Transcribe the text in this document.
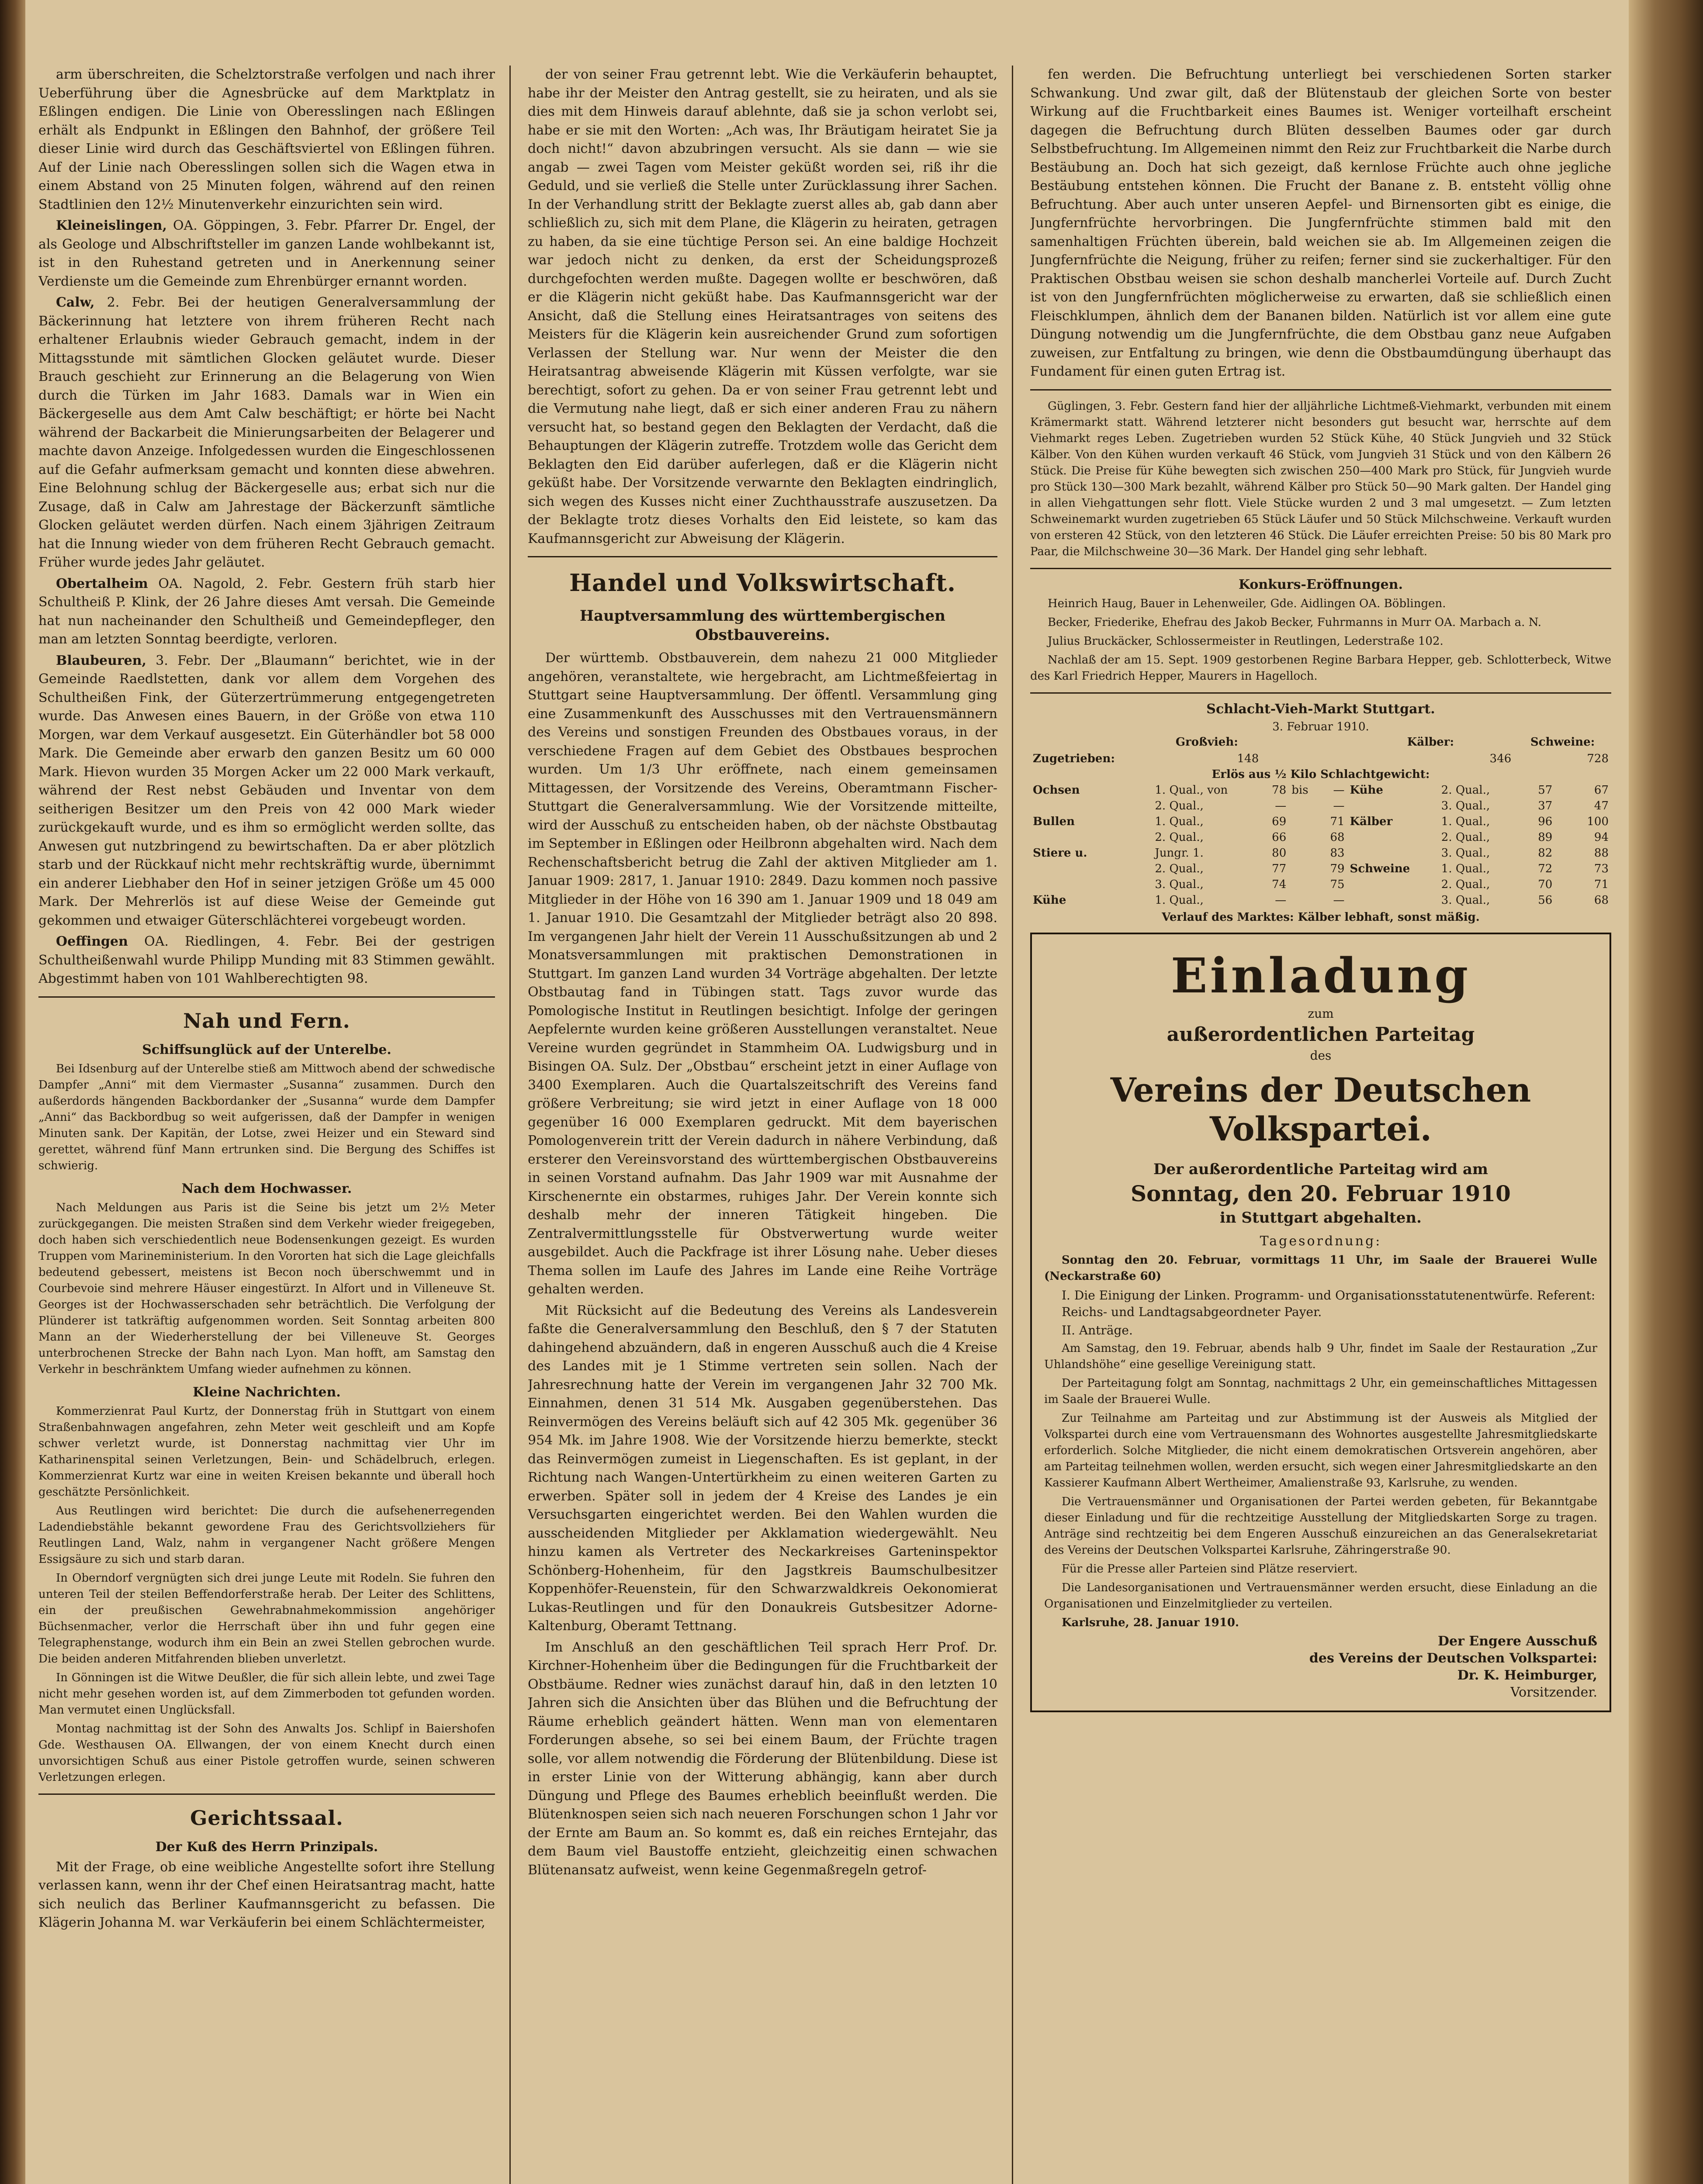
arm überschreiten, die Schelztorstraße verfolgen und nach ihrer Ueberführung über die Agnesbrücke auf dem Marktplatz in Eßlingen endigen. Die Linie von Oberesslingen nach Eßlingen erhält als Endpunkt in Eßlingen den Bahnhof, der größere Teil dieser Linie wird durch das Geschäftsviertel von Eßlingen führen. Auf der Linie nach Oberesslingen sollen sich die Wagen etwa in einem Abstand von 25 Minuten folgen, während auf den reinen Stadtlinien den 12½ Minutenverkehr einzurichten sein wird.

Kleineislingen, OA. Göppingen, 3. Febr. Pfarrer Dr. Engel, der als Geologe und Albschriftsteller im ganzen Lande wohlbekannt ist, ist in den Ruhestand getreten und in Anerkennung seiner Verdienste um die Gemeinde zum Ehrenbürger ernannt worden.

Calw, 2. Febr. Bei der heutigen Generalversammlung der Bäckerinnung hat letztere von ihrem früheren Recht nach erhaltener Erlaubnis wieder Gebrauch gemacht, indem in der Mittagsstunde mit sämtlichen Glocken geläutet wurde. Dieser Brauch geschieht zur Erinnerung an die Belagerung von Wien durch die Türken im Jahr 1683. Damals war in Wien ein Bäckergeselle aus dem Amt Calw beschäftigt; er hörte bei Nacht während der Backarbeit die Minierungsarbeiten der Belagerer und machte davon Anzeige. Infolgedessen wurden die Eingeschlossenen auf die Gefahr aufmerksam gemacht und konnten diese abwehren. Eine Belohnung schlug der Bäckergeselle aus; erbat sich nur die Zusage, daß in Calw am Jahrestage der Bäckerzunft sämtliche Glocken geläutet werden dürfen. Nach einem 3jährigen Zeitraum hat die Innung wieder von dem früheren Recht Gebrauch gemacht. Früher wurde jedes Jahr geläutet.

Obertalheim OA. Nagold, 2. Febr. Gestern früh starb hier Schultheiß P. Klink, der 26 Jahre dieses Amt versah. Die Gemeinde hat nun nacheinander den Schultheiß und Gemeindepfleger, den man am letzten Sonntag beerdigte, verloren.

Blaubeuren, 3. Febr. Der „Blaumann“ berichtet, wie in der Gemeinde Raedlstetten, dank vor allem dem Vorgehen des Schultheißen Fink, der Güterzertrümmerung entgegengetreten wurde. Das Anwesen eines Bauern, in der Größe von etwa 110 Morgen, war dem Verkauf ausgesetzt. Ein Güterhändler bot 58 000 Mark. Die Gemeinde aber erwarb den ganzen Besitz um 60 000 Mark. Hievon wurden 35 Morgen Acker um 22 000 Mark verkauft, während der Rest nebst Gebäuden und Inventar von dem seitherigen Besitzer um den Preis von 42 000 Mark wieder zurückgekauft wurde, und es ihm so ermöglicht werden sollte, das Anwesen gut nutzbringend zu bewirtschaften. Da er aber plötzlich starb und der Rückkauf nicht mehr rechtskräftig wurde, übernimmt ein anderer Liebhaber den Hof in seiner jetzigen Größe um 45 000 Mark. Der Mehrerlös ist auf diese Weise der Gemeinde gut gekommen und etwaiger Güterschlächterei vorgebeugt worden.

Oeffingen OA. Riedlingen, 4. Febr. Bei der gestrigen Schultheißenwahl wurde Philipp Munding mit 83 Stimmen gewählt. Abgestimmt haben von 101 Wahlberechtigten 98.

Nah und Fern.
Schiffsunglück auf der Unterelbe.

Bei Idsenburg auf der Unterelbe stieß am Mittwoch abend der schwedische Dampfer „Anni“ mit dem Viermaster „Susanna“ zusammen. Durch den außerdords hängenden Backbordanker der „Susanna“ wurde dem Dampfer „Anni“ das Backbordbug so weit aufgerissen, daß der Dampfer in wenigen Minuten sank. Der Kapitän, der Lotse, zwei Heizer und ein Steward sind gerettet, während fünf Mann ertrunken sind. Die Bergung des Schiffes ist schwierig.

Nach dem Hochwasser.

Nach Meldungen aus Paris ist die Seine bis jetzt um 2½ Meter zurückgegangen. Die meisten Straßen sind dem Verkehr wieder freigegeben, doch haben sich verschiedentlich neue Bodensenkungen gezeigt. Es wurden Truppen vom Marineministerium. In den Vororten hat sich die Lage gleichfalls bedeutend gebessert, meistens ist Becon noch überschwemmt und in Courbevoie sind mehrere Häuser eingestürzt. In Alfort und in Villeneuve St. Georges ist der Hochwasserschaden sehr beträchtlich. Die Verfolgung der Plünderer ist tatkräftig aufgenommen worden. Seit Sonntag arbeiten 800 Mann an der Wiederherstellung der bei Villeneuve St. Georges unterbrochenen Strecke der Bahn nach Lyon. Man hofft, am Samstag den Verkehr in beschränktem Umfang wieder aufnehmen zu können.

Kleine Nachrichten.

Kommerzienrat Paul Kurtz, der Donnerstag früh in Stuttgart von einem Straßenbahnwagen angefahren, zehn Meter weit geschleift und am Kopfe schwer verletzt wurde, ist Donnerstag nachmittag vier Uhr im Katharinenspital seinen Verletzungen, Bein- und Schädelbruch, erlegen. Kommerzienrat Kurtz war eine in weiten Kreisen bekannte und überall hoch geschätzte Persönlichkeit.

Aus Reutlingen wird berichtet: Die durch die aufsehenerregenden Ladendiebstähle bekannt gewordene Frau des Gerichtsvollziehers für Reutlingen Land, Walz, nahm in vergangener Nacht größere Mengen Essigsäure zu sich und starb daran.

In Oberndorf vergnügten sich drei junge Leute mit Rodeln. Sie fuhren den unteren Teil der steilen Beffendorferstraße herab. Der Leiter des Schlittens, ein der preußischen Gewehrabnahmekommission angehöriger Büchsenmacher, verlor die Herrschaft über ihn und fuhr gegen eine Telegraphenstange, wodurch ihm ein Bein an zwei Stellen gebrochen wurde. Die beiden anderen Mitfahrenden blieben unverletzt.

In Gönningen ist die Witwe Deußler, die für sich allein lebte, und zwei Tage nicht mehr gesehen worden ist, auf dem Zimmerboden tot gefunden worden. Man vermutet einen Unglücksfall.

Montag nachmittag ist der Sohn des Anwalts Jos. Schlipf in Baiershofen Gde. Westhausen OA. Ellwangen, der von einem Knecht durch einen unvorsichtigen Schuß aus einer Pistole getroffen wurde, seinen schweren Verletzungen erlegen.

Gerichtssaal.
Der Kuß des Herrn Prinzipals.

Mit der Frage, ob eine weibliche Angestellte sofort ihre Stellung verlassen kann, wenn ihr der Chef einen Heiratsantrag macht, hatte sich neulich das Berliner Kaufmannsgericht zu befassen. Die Klägerin Johanna M. war Verkäuferin bei einem Schlächtermeister,

der von seiner Frau getrennt lebt. Wie die Verkäuferin behauptet, habe ihr der Meister den Antrag gestellt, sie zu heiraten, und als sie dies mit dem Hinweis darauf ablehnte, daß sie ja schon verlobt sei, habe er sie mit den Worten: „Ach was, Ihr Bräutigam heiratet Sie ja doch nicht!“ davon abzubringen versucht. Als sie dann — wie sie angab — zwei Tagen vom Meister geküßt worden sei, riß ihr die Geduld, und sie verließ die Stelle unter Zurücklassung ihrer Sachen. In der Verhandlung stritt der Beklagte zuerst alles ab, gab dann aber schließlich zu, sich mit dem Plane, die Klägerin zu heiraten, getragen zu haben, da sie eine tüchtige Person sei. An eine baldige Hochzeit war jedoch nicht zu denken, da erst der Scheidungsprozeß durchgefochten werden mußte. Dagegen wollte er beschwören, daß er die Klägerin nicht geküßt habe. Das Kaufmannsgericht war der Ansicht, daß die Stellung eines Heiratsantrages von seitens des Meisters für die Klägerin kein ausreichender Grund zum sofortigen Verlassen der Stellung war. Nur wenn der Meister die den Heiratsantrag abweisende Klägerin mit Küssen verfolgte, war sie berechtigt, sofort zu gehen. Da er von seiner Frau getrennt lebt und die Vermutung nahe liegt, daß er sich einer anderen Frau zu nähern versucht hat, so bestand gegen den Beklagten der Verdacht, daß die Behauptungen der Klägerin zutreffe. Trotzdem wolle das Gericht dem Beklagten den Eid darüber auferlegen, daß er die Klägerin nicht geküßt habe. Der Vorsitzende verwarnte den Beklagten eindringlich, sich wegen des Kusses nicht einer Zuchthausstrafe auszusetzen. Da der Beklagte trotz dieses Vorhalts den Eid leistete, so kam das Kaufmannsgericht zur Abweisung der Klägerin.

Handel und Volkswirtschaft.
Hauptversammlung des württembergischen Obstbauvereins.

Der württemb. Obstbauverein, dem nahezu 21 000 Mitglieder angehören, veranstaltete, wie hergebracht, am Lichtmeßfeiertag in Stuttgart seine Hauptversammlung. Der öffentl. Versammlung ging eine Zusammenkunft des Ausschusses mit den Vertrauensmännern des Vereins und sonstigen Freunden des Obstbaues voraus, in der verschiedene Fragen auf dem Gebiet des Obstbaues besprochen wurden. Um 1/3 Uhr eröffnete, nach einem gemeinsamen Mittagessen, der Vorsitzende des Vereins, Oberamtmann Fischer-Stuttgart die Generalversammlung. Wie der Vorsitzende mitteilte, wird der Ausschuß zu entscheiden haben, ob der nächste Obstbautag im September in Eßlingen oder Heilbronn abgehalten wird. Nach dem Rechenschaftsbericht betrug die Zahl der aktiven Mitglieder am 1. Januar 1909: 2817, 1. Januar 1910: 2849. Dazu kommen noch passive Mitglieder in der Höhe von 16 390 am 1. Januar 1909 und 18 049 am 1. Januar 1910. Die Gesamtzahl der Mitglieder beträgt also 20 898. Im vergangenen Jahr hielt der Verein 11 Ausschußsitzungen ab und 2 Monatsversammlungen mit praktischen Demonstrationen in Stuttgart. Im ganzen Land wurden 34 Vorträge abgehalten. Der letzte Obstbautag fand in Tübingen statt. Tags zuvor wurde das Pomologische Institut in Reutlingen besichtigt. Infolge der geringen Aepfelernte wurden keine größeren Ausstellungen veranstaltet. Neue Vereine wurden gegründet in Stammheim OA. Ludwigsburg und in Bisingen OA. Sulz. Der „Obstbau“ erscheint jetzt in einer Auflage von 3400 Exemplaren. Auch die Quartalszeitschrift des Vereins fand größere Verbreitung; sie wird jetzt in einer Auflage von 18 000 gegenüber 16 000 Exemplaren gedruckt. Mit dem bayerischen Pomologenverein tritt der Verein dadurch in nähere Verbindung, daß ersterer den Vereinsvorstand des württembergischen Obstbauvereins in seinen Vorstand aufnahm. Das Jahr 1909 war mit Ausnahme der Kirschenernte ein obstarmes, ruhiges Jahr. Der Verein konnte sich deshalb mehr der inneren Tätigkeit hingeben. Die Zentralvermittlungsstelle für Obstverwertung wurde weiter ausgebildet. Auch die Packfrage ist ihrer Lösung nahe. Ueber dieses Thema sollen im Laufe des Jahres im Lande eine Reihe Vorträge gehalten werden.

Mit Rücksicht auf die Bedeutung des Vereins als Landesverein faßte die Generalversammlung den Beschluß, den § 7 der Statuten dahingehend abzuändern, daß in engeren Ausschuß auch die 4 Kreise des Landes mit je 1 Stimme vertreten sein sollen. Nach der Jahresrechnung hatte der Verein im vergangenen Jahr 32 700 Mk. Einnahmen, denen 31 514 Mk. Ausgaben gegenüberstehen. Das Reinvermögen des Vereins beläuft sich auf 42 305 Mk. gegenüber 36 954 Mk. im Jahre 1908. Wie der Vorsitzende hierzu bemerkte, steckt das Reinvermögen zumeist in Liegenschaften. Es ist geplant, in der Richtung nach Wangen-Untertürkheim zu einen weiteren Garten zu erwerben. Später soll in jedem der 4 Kreise des Landes je ein Versuchsgarten eingerichtet werden. Bei den Wahlen wurden die ausscheidenden Mitglieder per Akklamation wiedergewählt. Neu hinzu kamen als Vertreter des Neckarkreises Garteninspektor Schönberg-Hohenheim, für den Jagstkreis Baumschulbesitzer Koppenhöfer-Reuenstein, für den Schwarzwaldkreis Oekonomierat Lukas-Reutlingen und für den Donaukreis Gutsbesitzer Adorne-Kaltenburg, Oberamt Tettnang.

Im Anschluß an den geschäftlichen Teil sprach Herr Prof. Dr. Kirchner-Hohenheim über die Bedingungen für die Fruchtbarkeit der Obstbäume. Redner wies zunächst darauf hin, daß in den letzten 10 Jahren sich die Ansichten über das Blühen und die Befruchtung der Räume erheblich geändert hätten. Wenn man von elementaren Forderungen absehe, so sei bei einem Baum, der Früchte tragen solle, vor allem notwendig die Förderung der Blütenbildung. Diese ist in erster Linie von der Witterung abhängig, kann aber durch Düngung und Pflege des Baumes erheblich beeinflußt werden. Die Blütenknospen seien sich nach neueren Forschungen schon 1 Jahr vor der Ernte am Baum an. So kommt es, daß ein reiches Erntejahr, das dem Baum viel Baustoffe entzieht, gleichzeitig einen schwachen Blütenansatz aufweist, wenn keine Gegenmaßregeln getrof-

fen werden. Die Befruchtung unterliegt bei verschiedenen Sorten starker Schwankung. Und zwar gilt, daß der Blütenstaub der gleichen Sorte von bester Wirkung auf die Fruchtbarkeit eines Baumes ist. Weniger vorteilhaft erscheint dagegen die Befruchtung durch Blüten desselben Baumes oder gar durch Selbstbefruchtung. Im Allgemeinen nimmt den Reiz zur Fruchtbarkeit die Narbe durch Bestäubung an. Doch hat sich gezeigt, daß kernlose Früchte auch ohne jegliche Bestäubung entstehen können. Die Frucht der Banane z. B. entsteht völlig ohne Befruchtung. Aber auch unter unseren Aepfel- und Birnensorten gibt es einige, die Jungfernfrüchte hervorbringen. Die Jungfernfrüchte stimmen bald mit den samenhaltigen Früchten überein, bald weichen sie ab. Im Allgemeinen zeigen die Jungfernfrüchte die Neigung, früher zu reifen; ferner sind sie zuckerhaltiger. Für den Praktischen Obstbau weisen sie schon deshalb mancherlei Vorteile auf. Durch Zucht ist von den Jungfernfrüchten möglicherweise zu erwarten, daß sie schließlich einen Fleischklumpen, ähnlich dem der Bananen bilden. Natürlich ist vor allem eine gute Düngung notwendig um die Jungfernfrüchte, die dem Obstbau ganz neue Aufgaben zuweisen, zur Entfaltung zu bringen, wie denn die Obstbaumdüngung überhaupt das Fundament für einen guten Ertrag ist.

Güglingen, 3. Febr. Gestern fand hier der alljährliche Lichtmeß-Viehmarkt, verbunden mit einem Krämermarkt statt. Während letzterer nicht besonders gut besucht war, herrschte auf dem Viehmarkt reges Leben. Zugetrieben wurden 52 Stück Kühe, 40 Stück Jungvieh und 32 Stück Kälber. Von den Kühen wurden verkauft 46 Stück, vom Jungvieh 31 Stück und von den Kälbern 26 Stück. Die Preise für Kühe bewegten sich zwischen 250—400 Mark pro Stück, für Jungvieh wurde pro Stück 130—300 Mark bezahlt, während Kälber pro Stück 50—90 Mark galten. Der Handel ging in allen Viehgattungen sehr flott. Viele Stücke wurden 2 und 3 mal umgesetzt. — Zum letzten Schweinemarkt wurden zugetrieben 65 Stück Läufer und 50 Stück Milchschweine. Verkauft wurden von ersteren 42 Stück, von den letzteren 46 Stück. Die Läufer erreichten Preise: 50 bis 80 Mark pro Paar, die Milchschweine 30—36 Mark. Der Handel ging sehr lebhaft.

Konkurs-Eröffnungen.

Heinrich Haug, Bauer in Lehenweiler, Gde. Aidlingen OA. Böblingen.

Becker, Friederike, Ehefrau des Jakob Becker, Fuhrmanns in Murr OA. Marbach a. N.

Julius Bruckäcker, Schlossermeister in Reutlingen, Lederstraße 102.

Nachlaß der am 15. Sept. 1909 gestorbenen Regine Barbara Hepper, geb. Schlotterbeck, Witwe des Karl Friedrich Hepper, Maurers in Hagelloch.

Schlacht-Vieh-Markt Stuttgart.
3. Februar 1910.
	Großvieh:				Kälber:		Schweine:	
Zugetrieben:	148				346		728	
Erlös aus ½ Kilo Schlachtgewicht:								
Ochsen	1. Qual., von	78	bis	—	Kühe	2. Qual.,	57	67
	2. Qual.,	—		—		3. Qual.,	37	47
Bullen	1. Qual.,	69		71	Kälber	1. Qual.,	96	100
	2. Qual.,	66		68		2. Qual.,	89	94
Stiere u.	Jungr. 1.	80		83		3. Qual.,	82	88
	2. Qual.,	77		79	Schweine	1. Qual.,	72	73
	3. Qual.,	74		75		2. Qual.,	70	71
Kühe	1. Qual.,	—		—		3. Qual.,	56	68
Verlauf des Marktes: Kälber lebhaft, sonst mäßig.
Einladung
zum
außerordentlichen Parteitag
des
Vereins der Deutschen Volkspartei.
Der außerordentliche Parteitag wird am
Sonntag, den 20. Februar 1910
in Stuttgart abgehalten.
Tagesordnung:

Sonntag den 20. Februar, vormittags 11 Uhr, im Saale der Brauerei Wulle (Neckarstraße 60)

I. Die Einigung der Linken. Programm- und Organisationsstatutenentwürfe. Referent: Reichs- und Landtagsabgeordneter Payer.
II. Anträge.

Am Samstag, den 19. Februar, abends halb 9 Uhr, findet im Saale der Restauration „Zur Uhlandshöhe“ eine gesellige Vereinigung statt.

Der Parteitagung folgt am Sonntag, nachmittags 2 Uhr, ein gemeinschaftliches Mittagessen im Saale der Brauerei Wulle.

Zur Teilnahme am Parteitag und zur Abstimmung ist der Ausweis als Mitglied der Volkspartei durch eine vom Vertrauensmann des Wohnortes ausgestellte Jahresmitgliedskarte erforderlich. Solche Mitglieder, die nicht einem demokratischen Ortsverein angehören, aber am Parteitag teilnehmen wollen, werden ersucht, sich wegen einer Jahresmitgliedskarte an den Kassierer Kaufmann Albert Wertheimer, Amalienstraße 93, Karlsruhe, zu wenden.

Die Vertrauensmänner und Organisationen der Partei werden gebeten, für Bekanntgabe dieser Einladung und für die rechtzeitige Ausstellung der Mitgliedskarten Sorge zu tragen. Anträge sind rechtzeitig bei dem Engeren Ausschuß einzureichen an das Generalsekretariat des Vereins der Deutschen Volkspartei Karlsruhe, Zähringerstraße 90.

Für die Presse aller Parteien sind Plätze reserviert.

Die Landesorganisationen und Vertrauensmänner werden ersucht, diese Einladung an die Organisationen und Einzelmitglieder zu verteilen.

Karlsruhe, 28. Januar 1910.

Der Engere Ausschuß
des Vereins der Deutschen Volkspartei:
Dr. K. Heimburger,
Vorsitzender.
